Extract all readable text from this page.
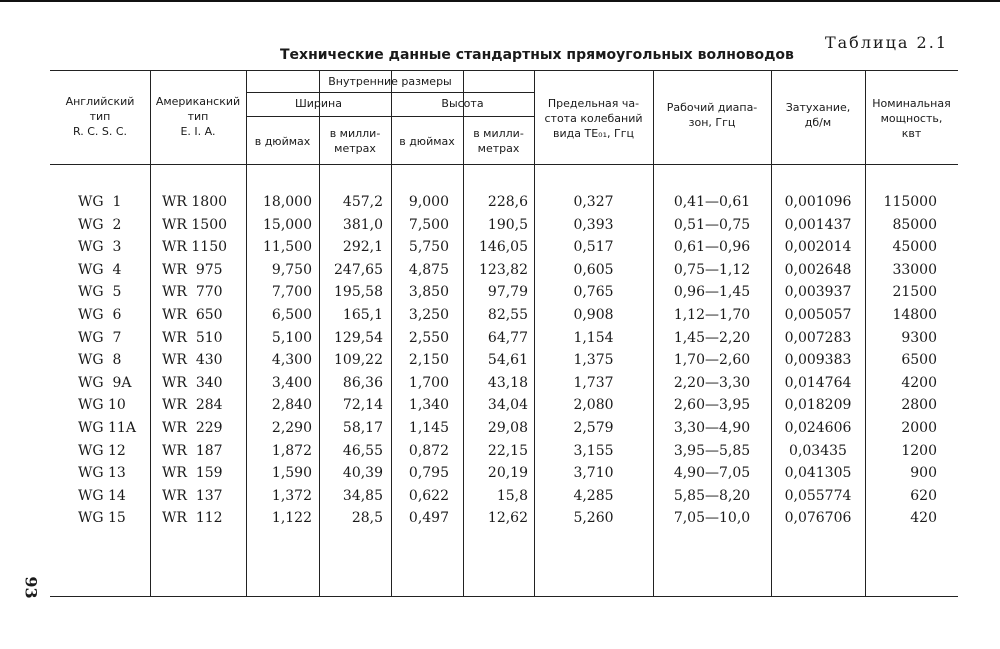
93
Таблица 2.1
Технические данные стандартных прямоугольных волноводов
Английский
тип
R. C. S. C.
Американский
тип
E. I. A.
Внутренние размеры
Ширина	Высота
в дюймах
в милли-
метрах
в дюймах
в милли-
метрах
Предельная ча-
стота колебаний
вида TE₀₁, Ггц
Рабочий диапа-
зон, Ггц
Затухание,
дб/м
Номинальная
мощность,
квт
WG  1	WR 1800	18,000	457,2	9,000	228,6	0,327	0,41—0,61	0,001096	115000
WG  2	WR 1500	15,000	381,0	7,500	190,5	0,393	0,51—0,75	0,001437	85000
WG  3	WR 1150	11,500	292,1	5,750	146,05	0,517	0,61—0,96	0,002014	45000
WG  4	WR  975	9,750	247,65	4,875	123,82	0,605	0,75—1,12	0,002648	33000
WG  5	WR  770	7,700	195,58	3,850	97,79	0,765	0,96—1,45	0,003937	21500
WG  6	WR  650	6,500	165,1	3,250	82,55	0,908	1,12—1,70	0,005057	14800
WG  7	WR  510	5,100	129,54	2,550	64,77	1,154	1,45—2,20	0,007283	9300
WG  8	WR  430	4,300	109,22	2,150	54,61	1,375	1,70—2,60	0,009383	6500
WG  9A	WR  340	3,400	86,36	1,700	43,18	1,737	2,20—3,30	0,014764	4200
WG 10	WR  284	2,840	72,14	1,340	34,04	2,080	2,60—3,95	0,018209	2800
WG 11A	WR  229	2,290	58,17	1,145	29,08	2,579	3,30—4,90	0,024606	2000
WG 12	WR  187	1,872	46,55	0,872	22,15	3,155	3,95—5,85	0,03435	1200
WG 13	WR  159	1,590	40,39	0,795	20,19	3,710	4,90—7,05	0,041305	900
WG 14	WR  137	1,372	34,85	0,622	15,8	4,285	5,85—8,20	0,055774	620
WG 15	WR  112	1,122	28,5	0,497	12,62	5,260	7,05—10,0	0,076706	420
